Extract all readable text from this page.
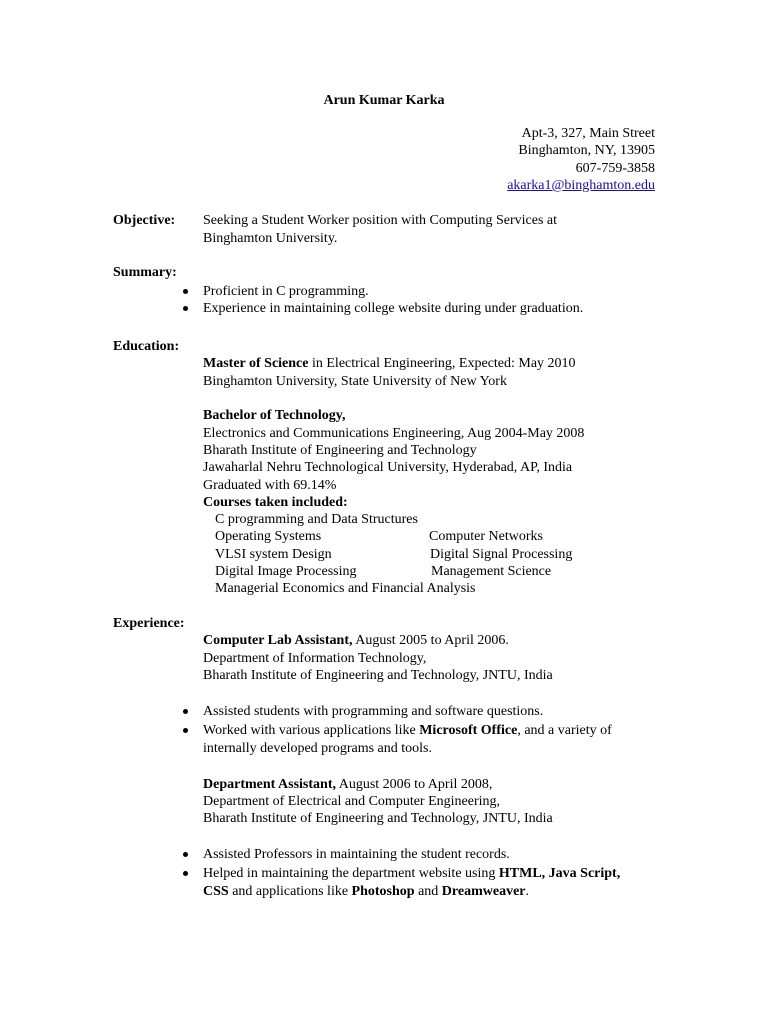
Arun Kumar Karka
Apt-3, 327, Main Street
Binghamton, NY, 13905
607-759-3858
akarka1@binghamton.edu
Objective: Seeking a Student Worker position with Computing Services at
Binghamton University.
Summary:
Proficient in C programming.
Experience in maintaining college website during under graduation.
Education:
Master of Science in Electrical Engineering, Expected: May 2010
Binghamton University, State University of New York
Bachelor of Technology,
Electronics and Communications Engineering, Aug 2004-May 2008
Bharath Institute of Engineering and Technology
Jawaharlal Nehru Technological University, Hyderabad, AP, India
Graduated with 69.14%
Courses taken included:
C programming and Data Structures
Operating Systems	Computer Networks
VLSI system Design	Digital Signal Processing
Digital Image Processing	Management Science
Managerial Economics and Financial Analysis
Experience:
Computer Lab Assistant, August 2005 to April 2006.
Department of Information Technology,
Bharath Institute of Engineering and Technology, JNTU, India
Assisted students with programming and software questions.
Worked with various applications like Microsoft Office, and a variety of internally developed programs and tools.
Department Assistant, August 2006 to April 2008,
Department of Electrical and Computer Engineering,
Bharath Institute of Engineering and Technology, JNTU, India
Assisted Professors in maintaining the student records.
Helped in maintaining the department website using HTML, Java Script, CSS and applications like Photoshop and Dreamweaver.
